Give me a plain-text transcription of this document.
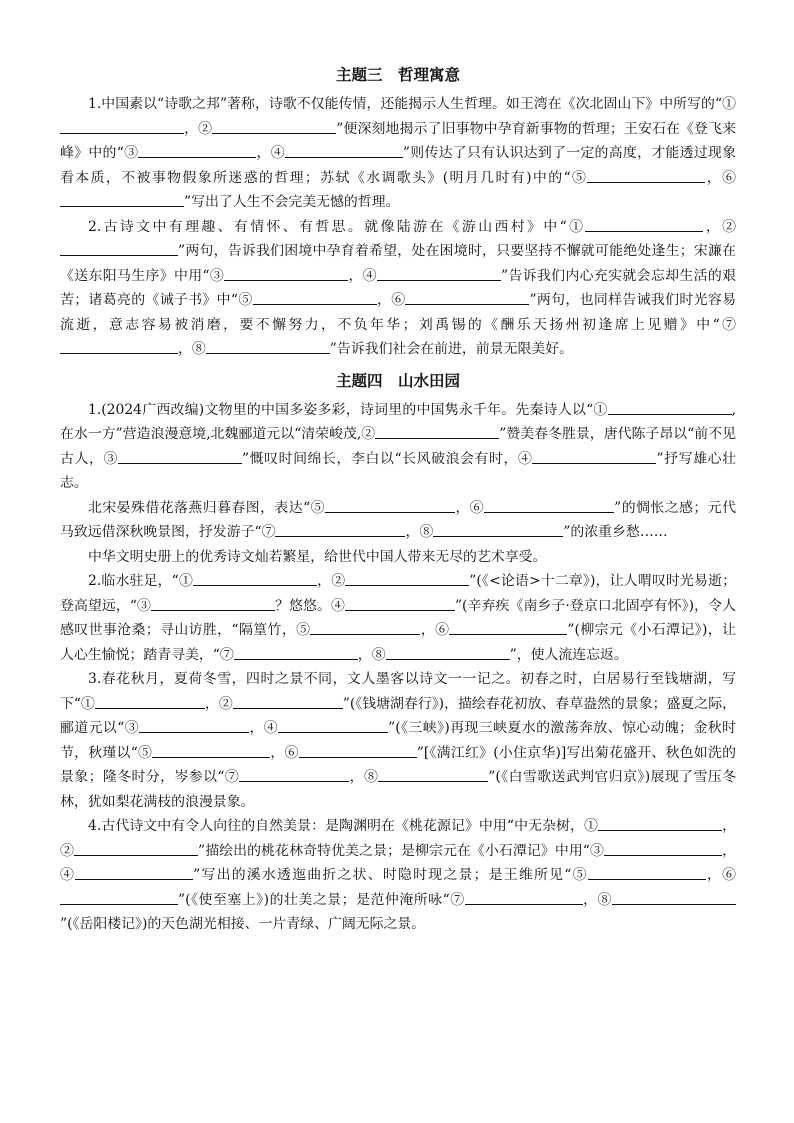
主题三　哲理寓意

1.中国素以“诗歌之邦”著称，诗歌不仅能传情，还能揭示人生哲理。如王湾在《次北固山下》中所写的“①，②	”便深刻地揭示了旧事物中孕育新事物的哲理；王安石在《登飞来峰》中的“③	，④	”则传达了只有认识达到了一定的高度，才能透过现象看本质，不被事物假象所迷惑的哲理；苏轼《水调歌头》(明月几时有)中的“⑤	，⑥”写出了人生不会完美无憾的哲理。

2.古诗文中有理趣、有情怀、有哲思。就像陆游在《游山西村》中“①	，②”两句，告诉我们困境中孕育着希望，处在困境时，只要坚持不懈就可能绝处逢生；宋濂在《送东阳马生序》中用“③	，④	”告诉我们内心充实就会忘却生活的艰苦；诸葛亮的《诫子书》中“⑤	，⑥	”两句，也同样告诫我们时光容易流逝，意志容易被消磨，要不懈努力，不负年华；刘禹锡的《酬乐天扬州初逢席上见赠》中“⑦，⑧	”告诉我们社会在前进，前景无限美好。

主题四　山水田园

1.(2024广西改编)文物里的中国多姿多彩，诗词里的中国隽永千年。先秦诗人以“①	,在水一方”营造浪漫意境,北魏郦道元以“清荣峻茂,②	”赞美春冬胜景，唐代陈子昂以“前不见古人，③	”慨叹时间绵长，李白以“长风破浪会有时，④	”抒写雄心壮志。

北宋晏殊借花落燕归暮春图，表达“⑤	，⑥	”的惆怅之感；元代马致远借深秋晚景图，抒发游子“⑦	，⑧	”的浓重乡愁……

中华文明史册上的优秀诗文灿若繁星，给世代中国人带来无尽的艺术享受。

2.临水驻足，“①	，②	”(《<论语>十二章》)，让人喟叹时光易逝；登高望远，“③	？悠悠。④	”(辛弃疾《南乡子·登京口北固亭有怀》)，令人感叹世事沧桑；寻山访胜，“隔篁竹，⑤	，⑥	”(柳宗元《小石潭记》)，让人心生愉悦；踏青寻美，“⑦	，⑧	”，使人流连忘返。

3.春花秋月，夏荷冬雪，四时之景不同，文人墨客以诗文一一记之。初春之时，白居易行至钱塘湖，写下“①	，②	”(《钱塘湖春行》)，描绘春花初放、春草盎然的景象；盛夏之际，郦道元以“③	，④	”(《三峡》)再现三峡夏水的激荡奔放、惊心动魄；金秋时节，秋瑾以“⑤	，⑥	”[《满江红》(小住京华)]写出菊花盛开、秋色如洗的景象；隆冬时分，岑参以“⑦	，⑧	”(《白雪歌送武判官归京》)展现了雪压冬林，犹如梨花满枝的浪漫景象。

4.古代诗文中有令人向往的自然美景：是陶渊明在《桃花源记》中用“中无杂树，①	，②	”描绘出的桃花林奇特优美之景；是柳宗元在《小石潭记》中用“③	，④	”写出的溪水透迤曲折之状、时隐时现之景；是王维所见“⑤	，⑥”(《使至塞上》)的壮美之景；是范仲淹所咏“⑦	，⑧”(《岳阳楼记》)的天色湖光相接、一片青绿、广阔无际之景。
